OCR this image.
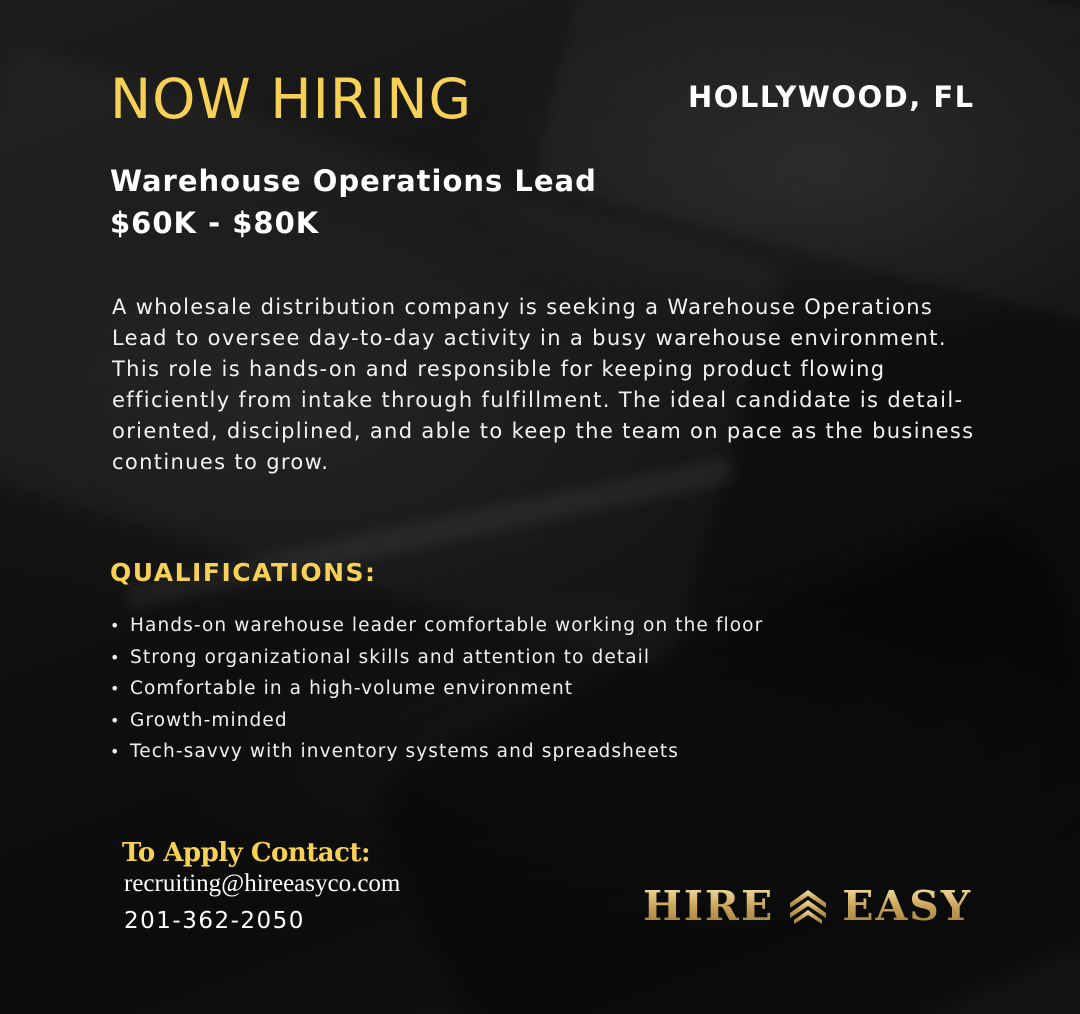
NOW HIRING	HOLLYWOOD, FL
Warehouse Operations Lead
$60K - $80K

A wholesale distribution company is seeking a Warehouse Operations Lead to oversee day-to-day activity in a busy warehouse environment. This role is hands-on and responsible for keeping product flowing efficiently from intake through fulfillment. The ideal candidate is detail-oriented, disciplined, and able to keep the team on pace as the business continues to grow.

QUALIFICATIONS:
• Hands-on warehouse leader comfortable working on the floor
• Strong organizational skills and attention to detail
• Comfortable in a high-volume environment
• Growth-minded
• Tech-savvy with inventory systems and spreadsheets
To Apply Contact:
recruiting@hireeasyco.com
201-362-2050	HIRE EASY
